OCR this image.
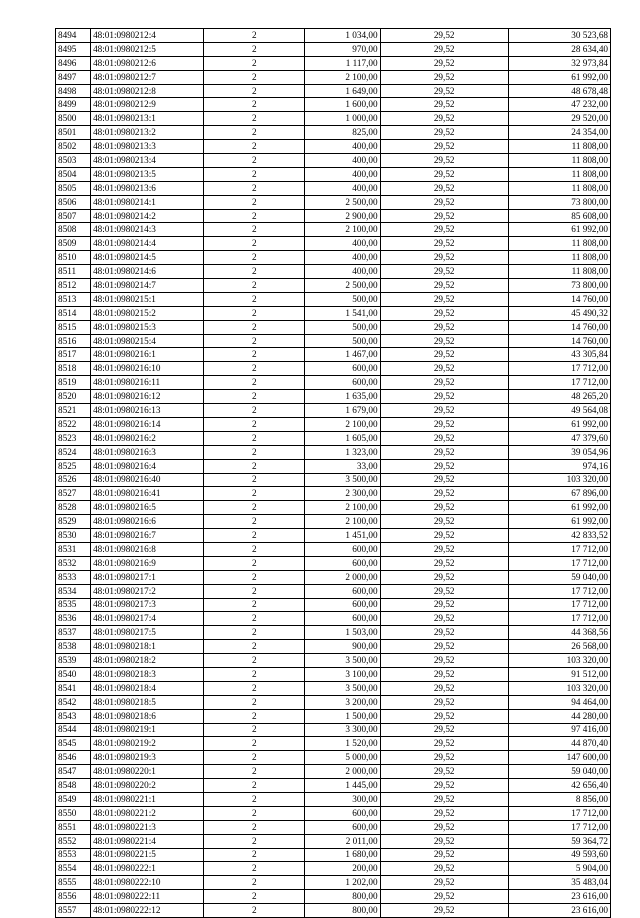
8494	48:01:0980212:4	2	1 034,00	29,52	30 523,68
8495	48:01:0980212:5	2	970,00	29,52	28 634,40
8496	48:01:0980212:6	2	1 117,00	29,52	32 973,84
8497	48:01:0980212:7	2	2 100,00	29,52	61 992,00
8498	48:01:0980212:8	2	1 649,00	29,52	48 678,48
8499	48:01:0980212:9	2	1 600,00	29,52	47 232,00
8500	48:01:0980213:1	2	1 000,00	29,52	29 520,00
8501	48:01:0980213:2	2	825,00	29,52	24 354,00
8502	48:01:0980213:3	2	400,00	29,52	11 808,00
8503	48:01:0980213:4	2	400,00	29,52	11 808,00
8504	48:01:0980213:5	2	400,00	29,52	11 808,00
8505	48:01:0980213:6	2	400,00	29,52	11 808,00
8506	48:01:0980214:1	2	2 500,00	29,52	73 800,00
8507	48:01:0980214:2	2	2 900,00	29,52	85 608,00
8508	48:01:0980214:3	2	2 100,00	29,52	61 992,00
8509	48:01:0980214:4	2	400,00	29,52	11 808,00
8510	48:01:0980214:5	2	400,00	29,52	11 808,00
8511	48:01:0980214:6	2	400,00	29,52	11 808,00
8512	48:01:0980214:7	2	2 500,00	29,52	73 800,00
8513	48:01:0980215:1	2	500,00	29,52	14 760,00
8514	48:01:0980215:2	2	1 541,00	29,52	45 490,32
8515	48:01:0980215:3	2	500,00	29,52	14 760,00
8516	48:01:0980215:4	2	500,00	29,52	14 760,00
8517	48:01:0980216:1	2	1 467,00	29,52	43 305,84
8518	48:01:0980216:10	2	600,00	29,52	17 712,00
8519	48:01:0980216:11	2	600,00	29,52	17 712,00
8520	48:01:0980216:12	2	1 635,00	29,52	48 265,20
8521	48:01:0980216:13	2	1 679,00	29,52	49 564,08
8522	48:01:0980216:14	2	2 100,00	29,52	61 992,00
8523	48:01:0980216:2	2	1 605,00	29,52	47 379,60
8524	48:01:0980216:3	2	1 323,00	29,52	39 054,96
8525	48:01:0980216:4	2	33,00	29,52	974,16
8526	48:01:0980216:40	2	3 500,00	29,52	103 320,00
8527	48:01:0980216:41	2	2 300,00	29,52	67 896,00
8528	48:01:0980216:5	2	2 100,00	29,52	61 992,00
8529	48:01:0980216:6	2	2 100,00	29,52	61 992,00
8530	48:01:0980216:7	2	1 451,00	29,52	42 833,52
8531	48:01:0980216:8	2	600,00	29,52	17 712,00
8532	48:01:0980216:9	2	600,00	29,52	17 712,00
8533	48:01:0980217:1	2	2 000,00	29,52	59 040,00
8534	48:01:0980217:2	2	600,00	29,52	17 712,00
8535	48:01:0980217:3	2	600,00	29,52	17 712,00
8536	48:01:0980217:4	2	600,00	29,52	17 712,00
8537	48:01:0980217:5	2	1 503,00	29,52	44 368,56
8538	48:01:0980218:1	2	900,00	29,52	26 568,00
8539	48:01:0980218:2	2	3 500,00	29,52	103 320,00
8540	48:01:0980218:3	2	3 100,00	29,52	91 512,00
8541	48:01:0980218:4	2	3 500,00	29,52	103 320,00
8542	48:01:0980218:5	2	3 200,00	29,52	94 464,00
8543	48:01:0980218:6	2	1 500,00	29,52	44 280,00
8544	48:01:0980219:1	2	3 300,00	29,52	97 416,00
8545	48:01:0980219:2	2	1 520,00	29,52	44 870,40
8546	48:01:0980219:3	2	5 000,00	29,52	147 600,00
8547	48:01:0980220:1	2	2 000,00	29,52	59 040,00
8548	48:01:0980220:2	2	1 445,00	29,52	42 656,40
8549	48:01:0980221:1	2	300,00	29,52	8 856,00
8550	48:01:0980221:2	2	600,00	29,52	17 712,00
8551	48:01:0980221:3	2	600,00	29,52	17 712,00
8552	48:01:0980221:4	2	2 011,00	29,52	59 364,72
8553	48:01:0980221:5	2	1 680,00	29,52	49 593,60
8554	48:01:0980222:1	2	200,00	29,52	5 904,00
8555	48:01:0980222:10	2	1 202,00	29,52	35 483,04
8556	48:01:0980222:11	2	800,00	29,52	23 616,00
8557	48:01:0980222:12	2	800,00	29,52	23 616,00
